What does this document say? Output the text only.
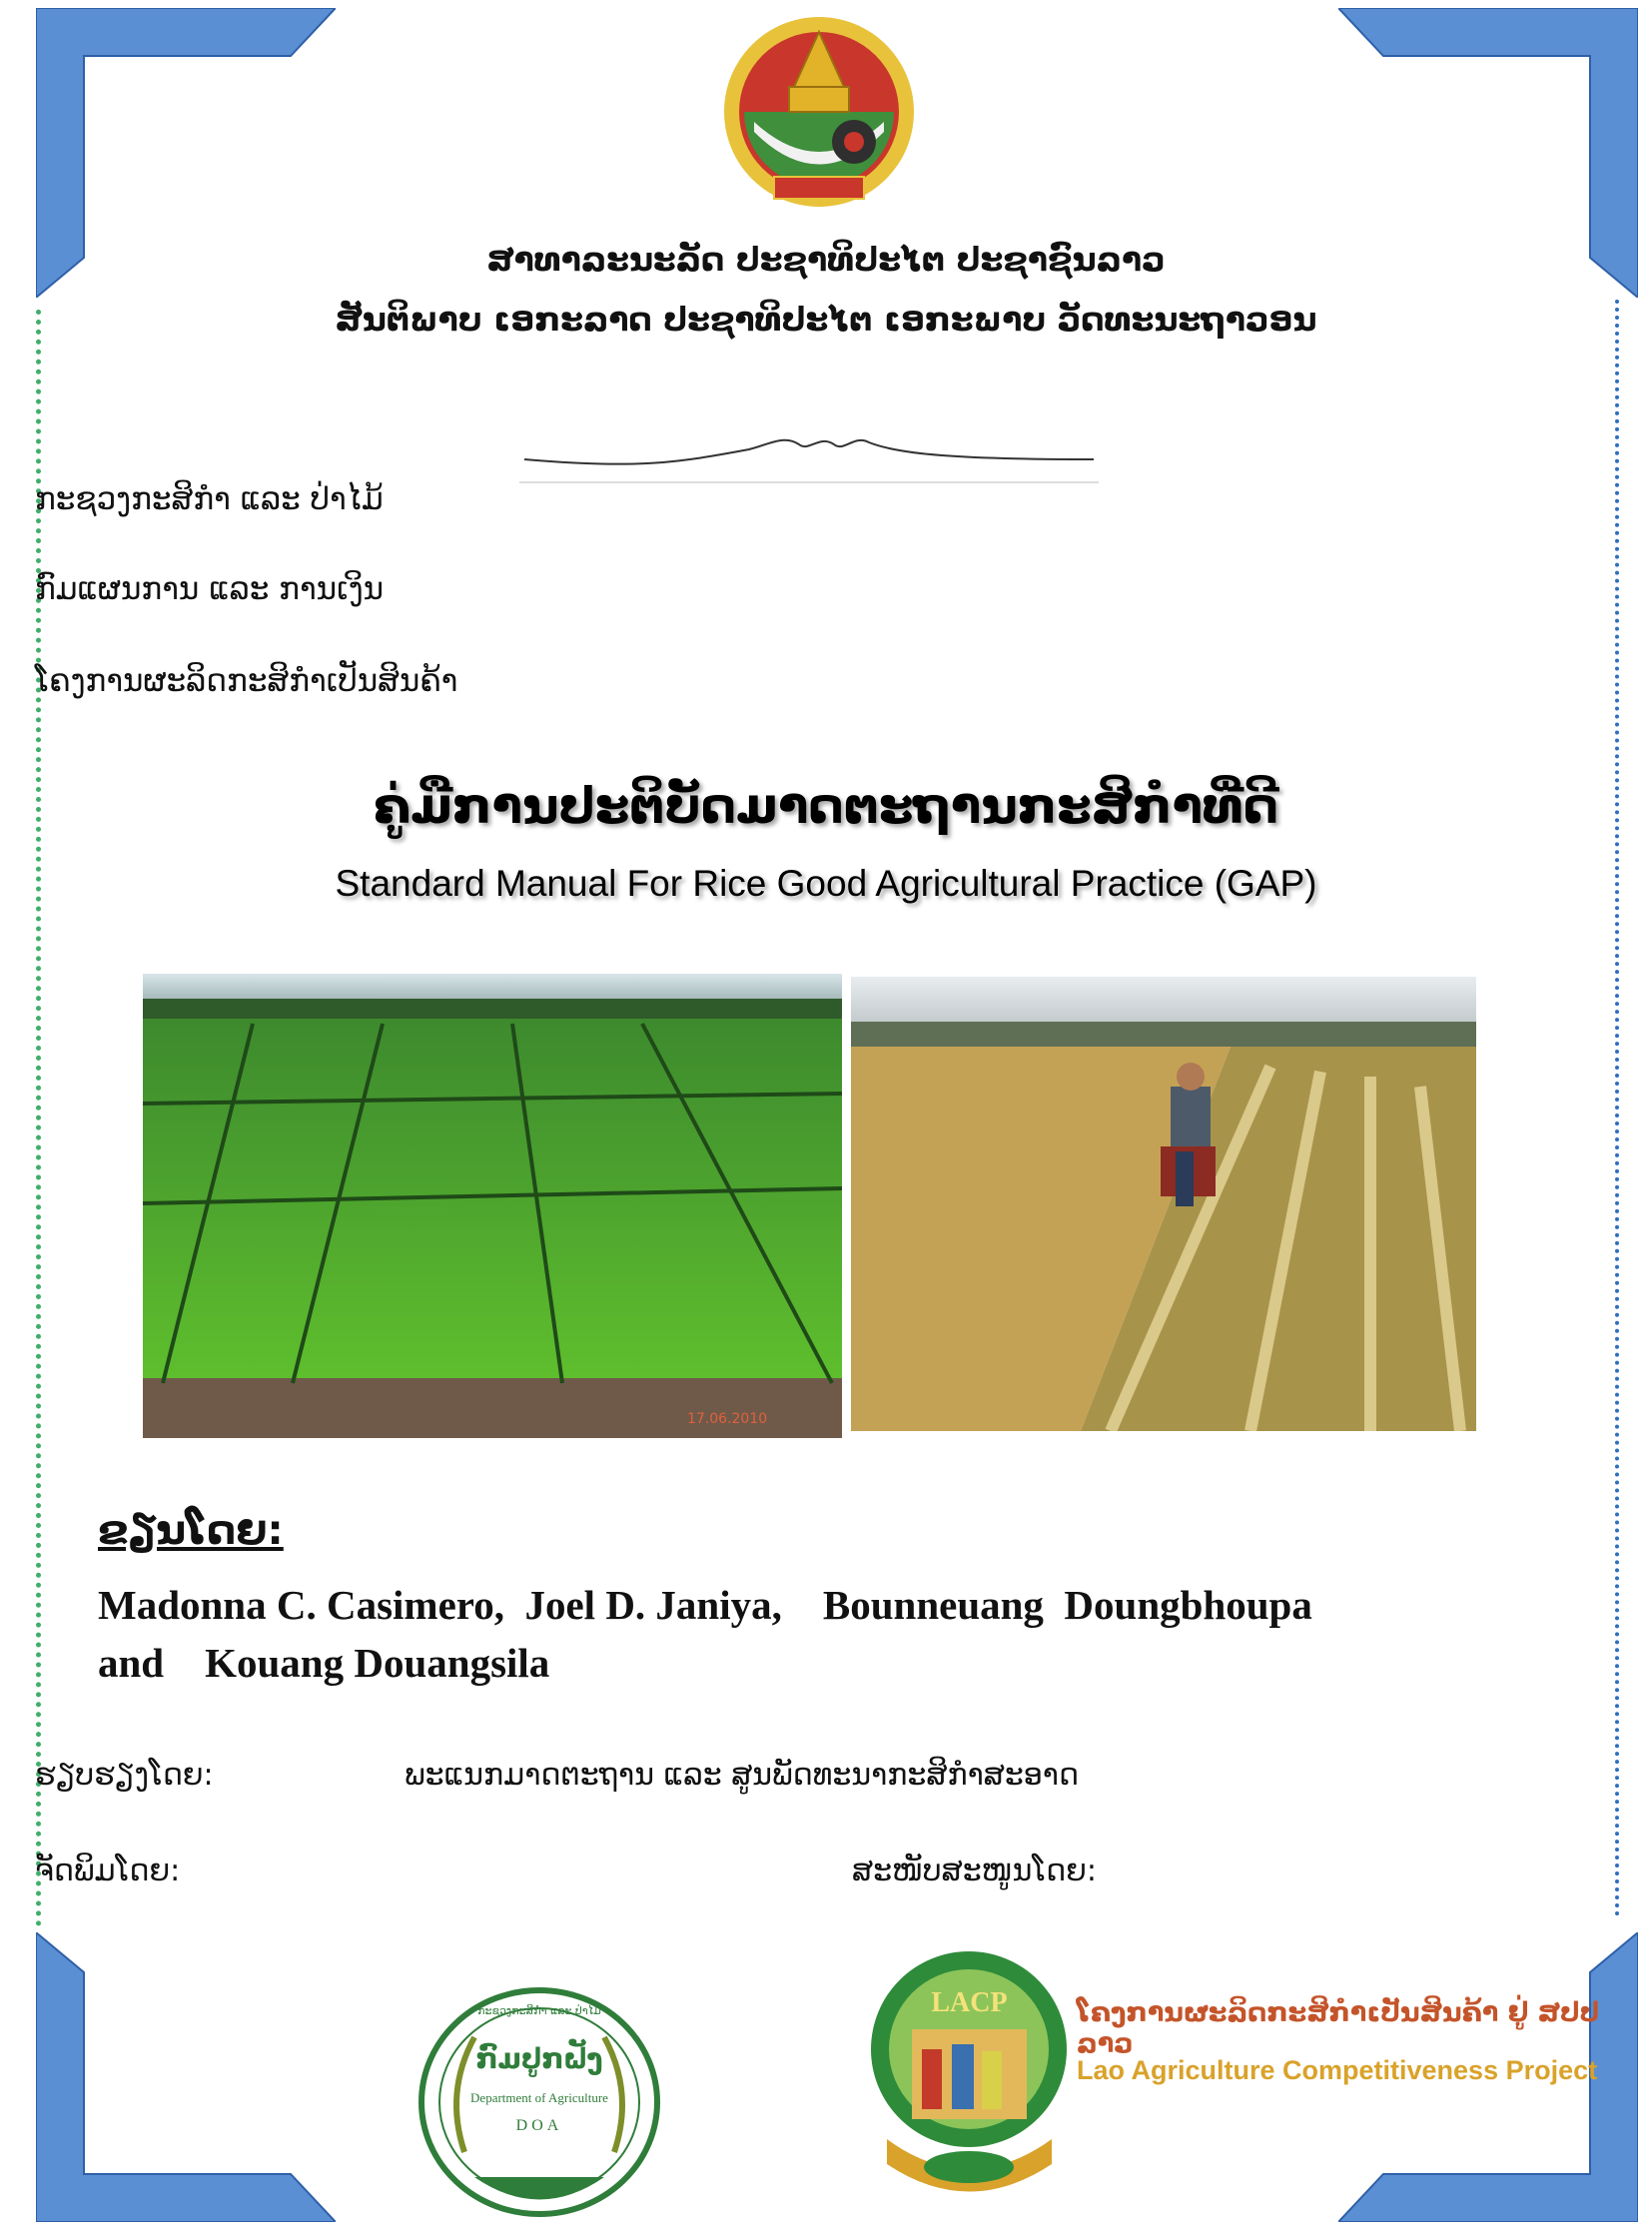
ສາທາລະນະລັດ ປະຊາທິປະໄຕ ປະຊາຊົນລາວ
ສັນຕິພາບ ເອກະລາດ ປະຊາທິປະໄຕ ເອກະພາບ ວັດທະນະຖາວອນ
ກະຊວງກະສິກຳ ແລະ ປ່າໄມ້
ກົມແຜນການ ແລະ ການເງິນ
ໂຄງການຜະລິດກະສິກຳເປັນສິນຄ້າ
ຄູ່ມືການປະຕິບັດມາດຕະຖານກະສິກຳທີ່ດີ
Standard Manual For Rice Good Agricultural Practice (GAP)
17.06.2010
ຂຽນໂດຍ:
Madonna C. Casimero,  Joel D. Janiya,    Bounneuang  Doungbhoupa
and    Kouang Douangsila
ຮຽບຮຽງໂດຍ:	ພະແນກມາດຕະຖານ ແລະ ສູນພັດທະນາກະສິກຳສະອາດ
ຈັດພິມໂດຍ:	ສະໜັບສະໜູນໂດຍ:
ກະຊວງກະສິກຳ ແລະ ປ່າໄມ້
ກົມປູກຝັງ
Department of Agriculture
DOA
LACP	ໂຄງການຜະລິດກະສິກຳເປັນສິນຄ້າ ຢູ່ ສປປ ລາວ
Lao Agriculture Competitiveness Project
